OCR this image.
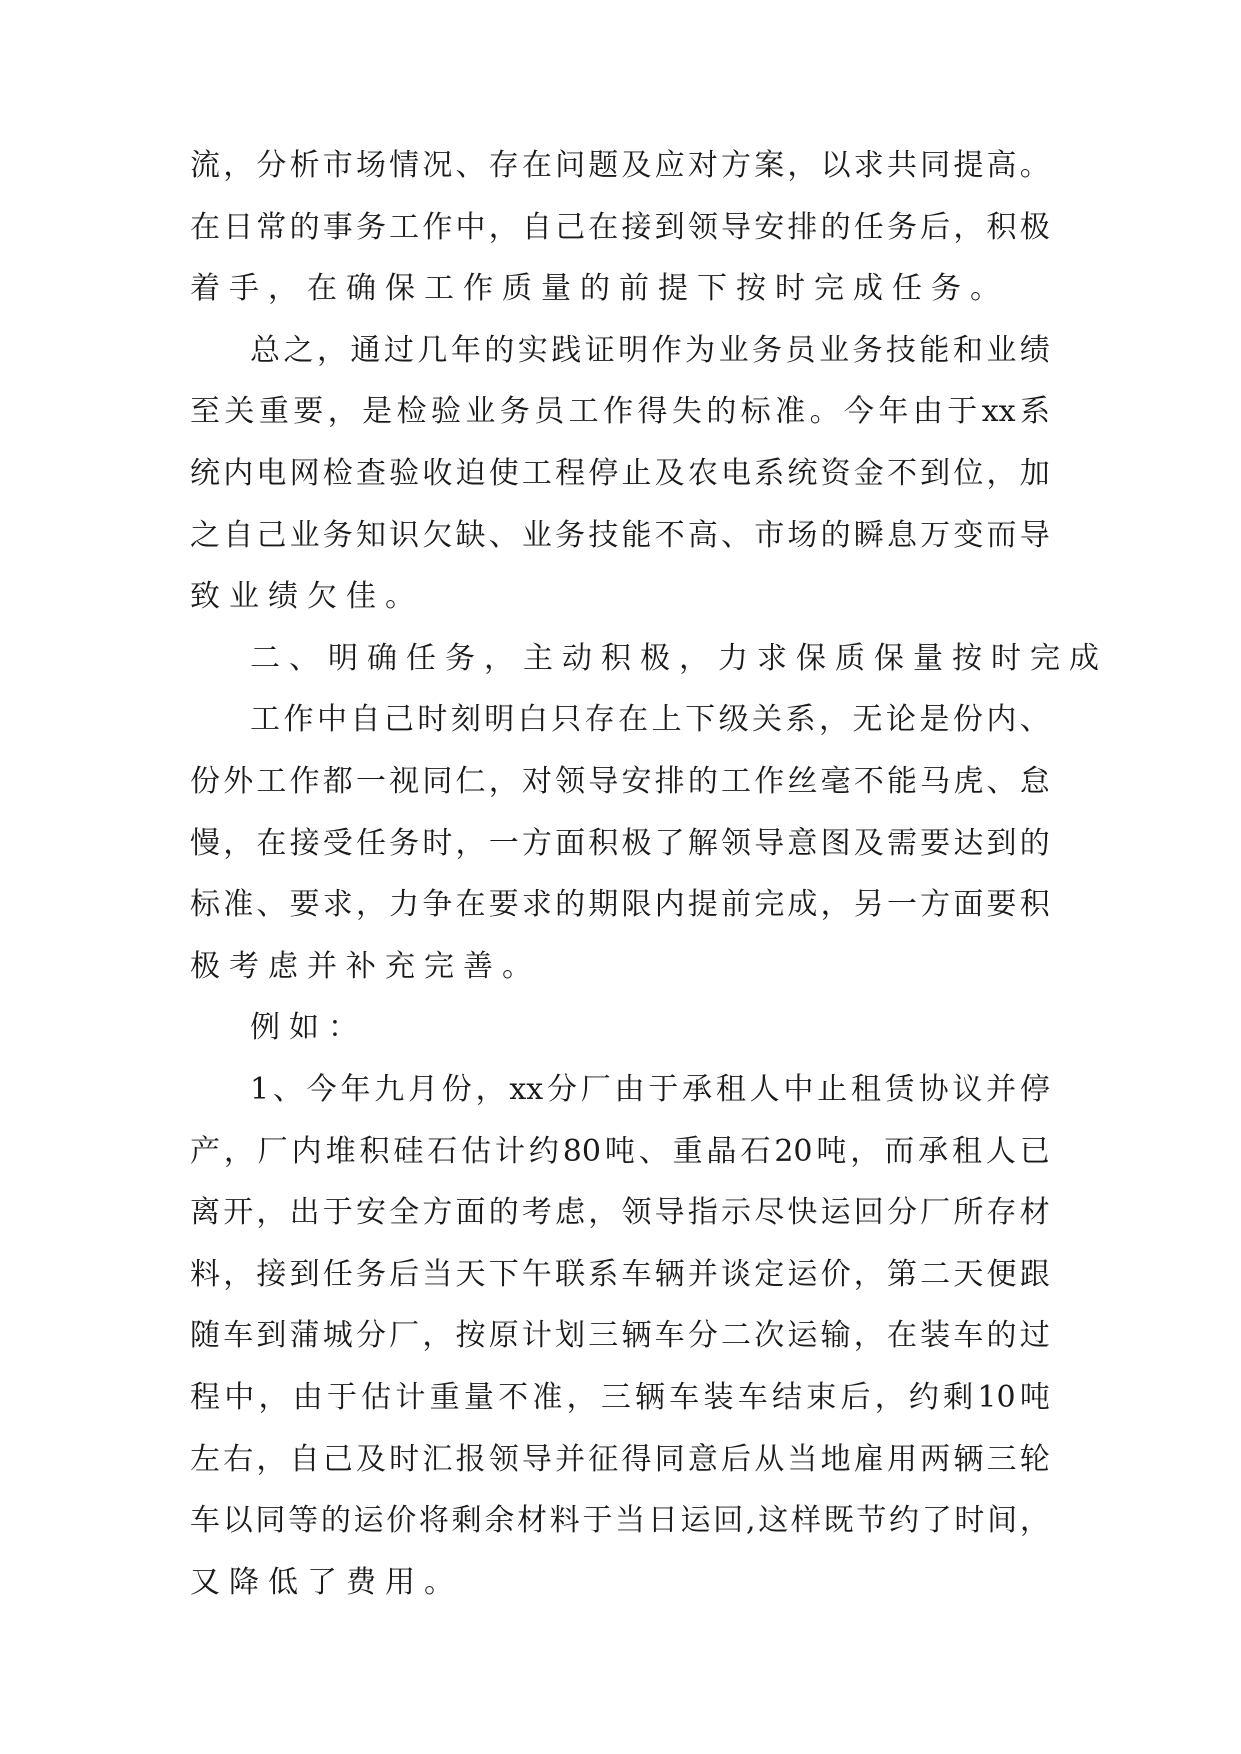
流 ， 分 析 市 场 情 况 、 存 在 问 题 及 应 对 方 案 ， 以 求 共 同 提 高 。
在 日 常 的 事 务 工 作 中 ， 自 己 在 接 到 领 导 安 排 的 任 务 后 ， 积 极
着手，在确保工作质量的前提下按时完成任务。
总 之 ， 通 过 几 年 的 实 践 证 明 作 为 业 务 员 业 务 技 能 和 业 绩
至 关 重 要 ， 是 检 验 业 务 员 工 作 得 失 的 标 准 。 今 年 由 于 xx 系
统 内 电 网 检 查 验 收 迫 使 工 程 停 止 及 农 电 系 统 资 金 不 到 位 ， 加
之 自 己 业 务 知 识 欠 缺 、 业 务 技 能 不 高 、 市 场 的 瞬 息 万 变 而 导
致业绩欠佳。
二、明确任务，主动积极，力求保质保量按时完成
工 作 中 自 己 时 刻 明 白 只 存 在 上 下 级 关 系 ， 无 论 是 份 内 、
份 外 工 作 都 一 视 同 仁 ， 对 领 导 安 排 的 工 作 丝 毫 不 能 马 虎 、 怠
慢 ， 在 接 受 任 务 时 ， 一 方 面 积 极 了 解 领 导 意 图 及 需 要 达 到 的
标 准 、 要 求 ， 力 争 在 要 求 的 期 限 内 提 前 完 成 ， 另 一 方 面 要 积
极考虑并补充完善。
例如：
1 、 今 年 九 月 份 ， xx 分 厂 由 于 承 租 人 中 止 租 赁 协 议 并 停
产 ， 厂 内 堆 积 硅 石 估 计 约 80 吨 、 重 晶 石 20 吨 ， 而 承 租 人 已
离 开 ， 出 于 安 全 方 面 的 考 虑 ， 领 导 指 示 尽 快 运 回 分 厂 所 存 材
料 ， 接 到 任 务 后 当 天 下 午 联 系 车 辆 并 谈 定 运 价 ， 第 二 天 便 跟
随 车 到 蒲 城 分 厂 ， 按 原 计 划 三 辆 车 分 二 次 运 输 ， 在 装 车 的 过
程 中 ， 由 于 估 计 重 量 不 准 ， 三 辆 车 装 车 结 束 后 ， 约 剩 10 吨
左 右 ， 自 己 及 时 汇 报 领 导 并 征 得 同 意 后 从 当 地 雇 用 两 辆 三 轮
车 以 同 等 的 运 价 将 剩 余 材 料 于 当 日 运 回 , 这 样 既 节 约 了 时 间 ，
又降低了费用。
